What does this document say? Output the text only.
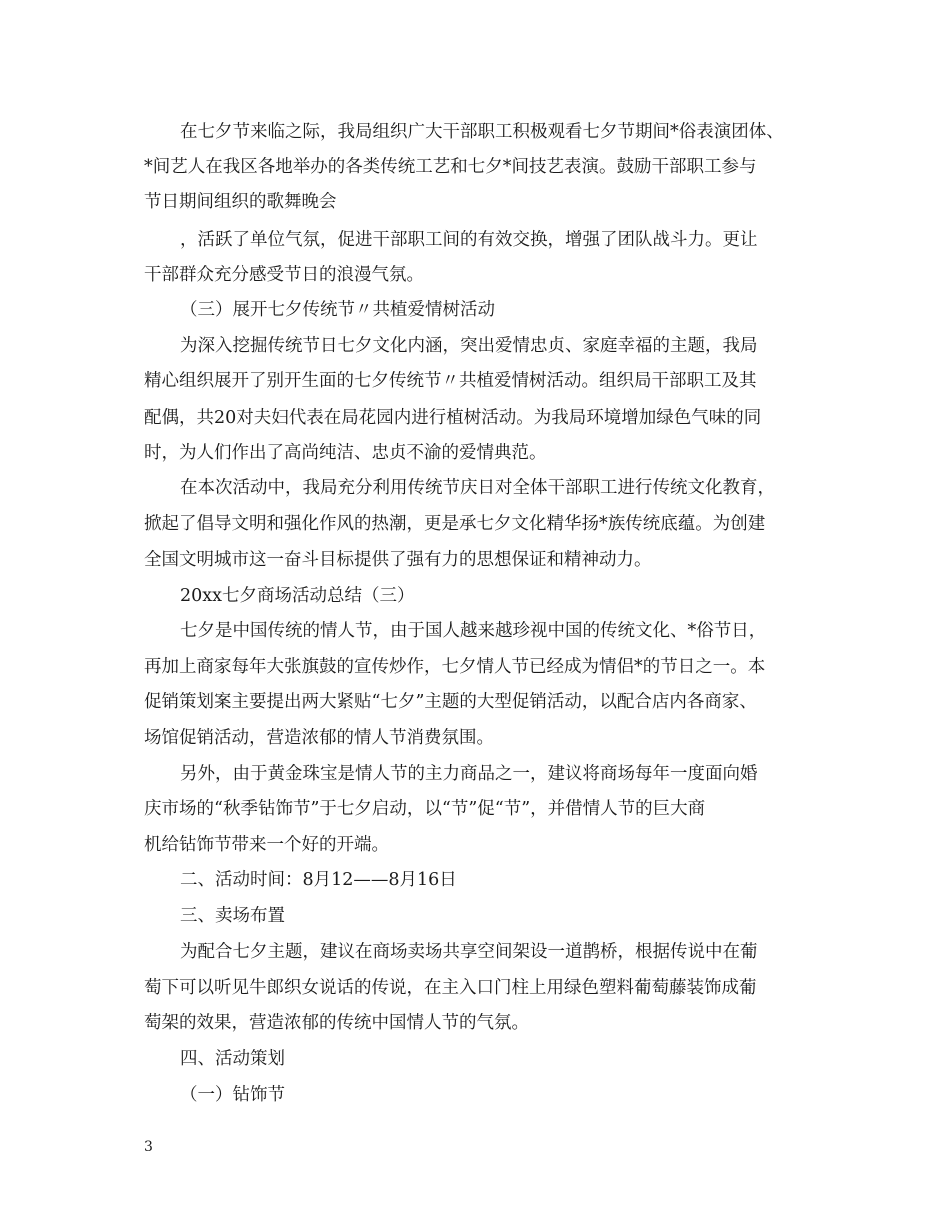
在七夕节来临之际，我局组织广大干部职工积极观看七夕节期间*俗表演团体、

*间艺人在我区各地举办的各类传统工艺和七夕*间技艺表演。鼓励干部职工参与

节日期间组织的歌舞晚会

，活跃了单位气氛，促进干部职工间的有效交换，增强了团队战斗力。更让

干部群众充分感受节日的浪漫气氛。

（三）展开七夕传统节〃共植爱情树活动

为深入挖掘传统节日七夕文化内涵，突出爱情忠贞、家庭幸福的主题，我局

精心组织展开了别开生面的七夕传统节〃共植爱情树活动。组织局干部职工及其

配偶，共20对夫妇代表在局花园内进行植树活动。为我局环境增加绿色气味的同

时，为人们作出了高尚纯洁、忠贞不渝的爱情典范。

在本次活动中，我局充分利用传统节庆日对全体干部职工进行传统文化教育，

掀起了倡导文明和强化作风的热潮，更是承七夕文化精华扬*族传统底蕴。为创建

全国文明城市这一奋斗目标提供了强有力的思想保证和精神动力。

20xx七夕商场活动总结（三）

七夕是中国传统的情人节，由于国人越来越珍视中国的传统文化、*俗节日，

再加上商家每年大张旗鼓的宣传炒作，七夕情人节已经成为情侣*的节日之一。本

促销策划案主要提出两大紧贴“七夕”主题的大型促销活动，以配合店内各商家、

场馆促销活动，营造浓郁的情人节消费氛围。

另外，由于黄金珠宝是情人节的主力商品之一，建议将商场每年一度面向婚

庆市场的“秋季钻饰节”于七夕启动，以“节”促“节”，并借情人节的巨大商

机给钻饰节带来一个好的开端。

二、活动时间：8月12——8月16日

三、卖场布置

为配合七夕主题，建议在商场卖场共享空间架设一道鹊桥，根据传说中在葡

萄下可以听见牛郎织女说话的传说，在主入口门柱上用绿色塑料葡萄藤装饰成葡

萄架的效果，营造浓郁的传统中国情人节的气氛。

四、活动策划

（一）钻饰节

3
